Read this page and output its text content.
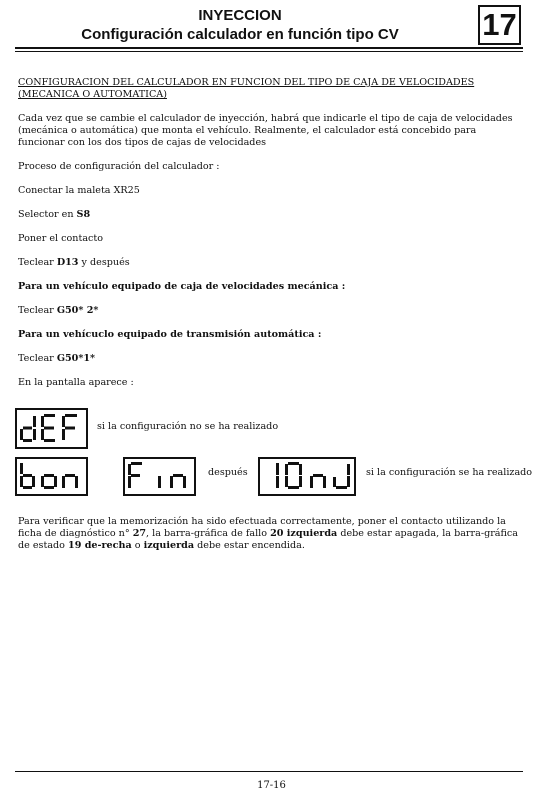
INYECCION
Configuración calculador en función tipo CV	17

CONFIGURACION DEL CALCULADOR EN FUNCION DEL TIPO DE CAJA DE VELOCIDADES (MECANICA O AUTOMATICA)

Cada vez que se cambie el calculador de inyección, habrá que indicarle el tipo de caja de velocidades (mecánica o automática) que monta el vehículo. Realmente, el calculador está concebido para funcionar con los dos tipos de cajas de velocidades

Proceso de configuración del calculador :

Conectar la maleta XR25

Selector en S8

Poner el contacto

Teclear D13 y después

Para un vehículo equipado de caja de velocidades mecánica :

Teclear G50* 2*

Para un vehícuclo equipado de transmisión automática :

Teclear G50*1*

En la pantalla aparece :

si la configuración no se ha realizado
después	si la configuración se ha realizado

Para verificar que la memorización ha sido efectuada correctamente, poner el contacto utilizando la ficha de diagnóstico n° 27, la barra-gráfica de fallo 20 izquierda debe estar apagada, la barra-gráfica de estado 19 de-recha o izquierda debe estar encendida.

17-16
